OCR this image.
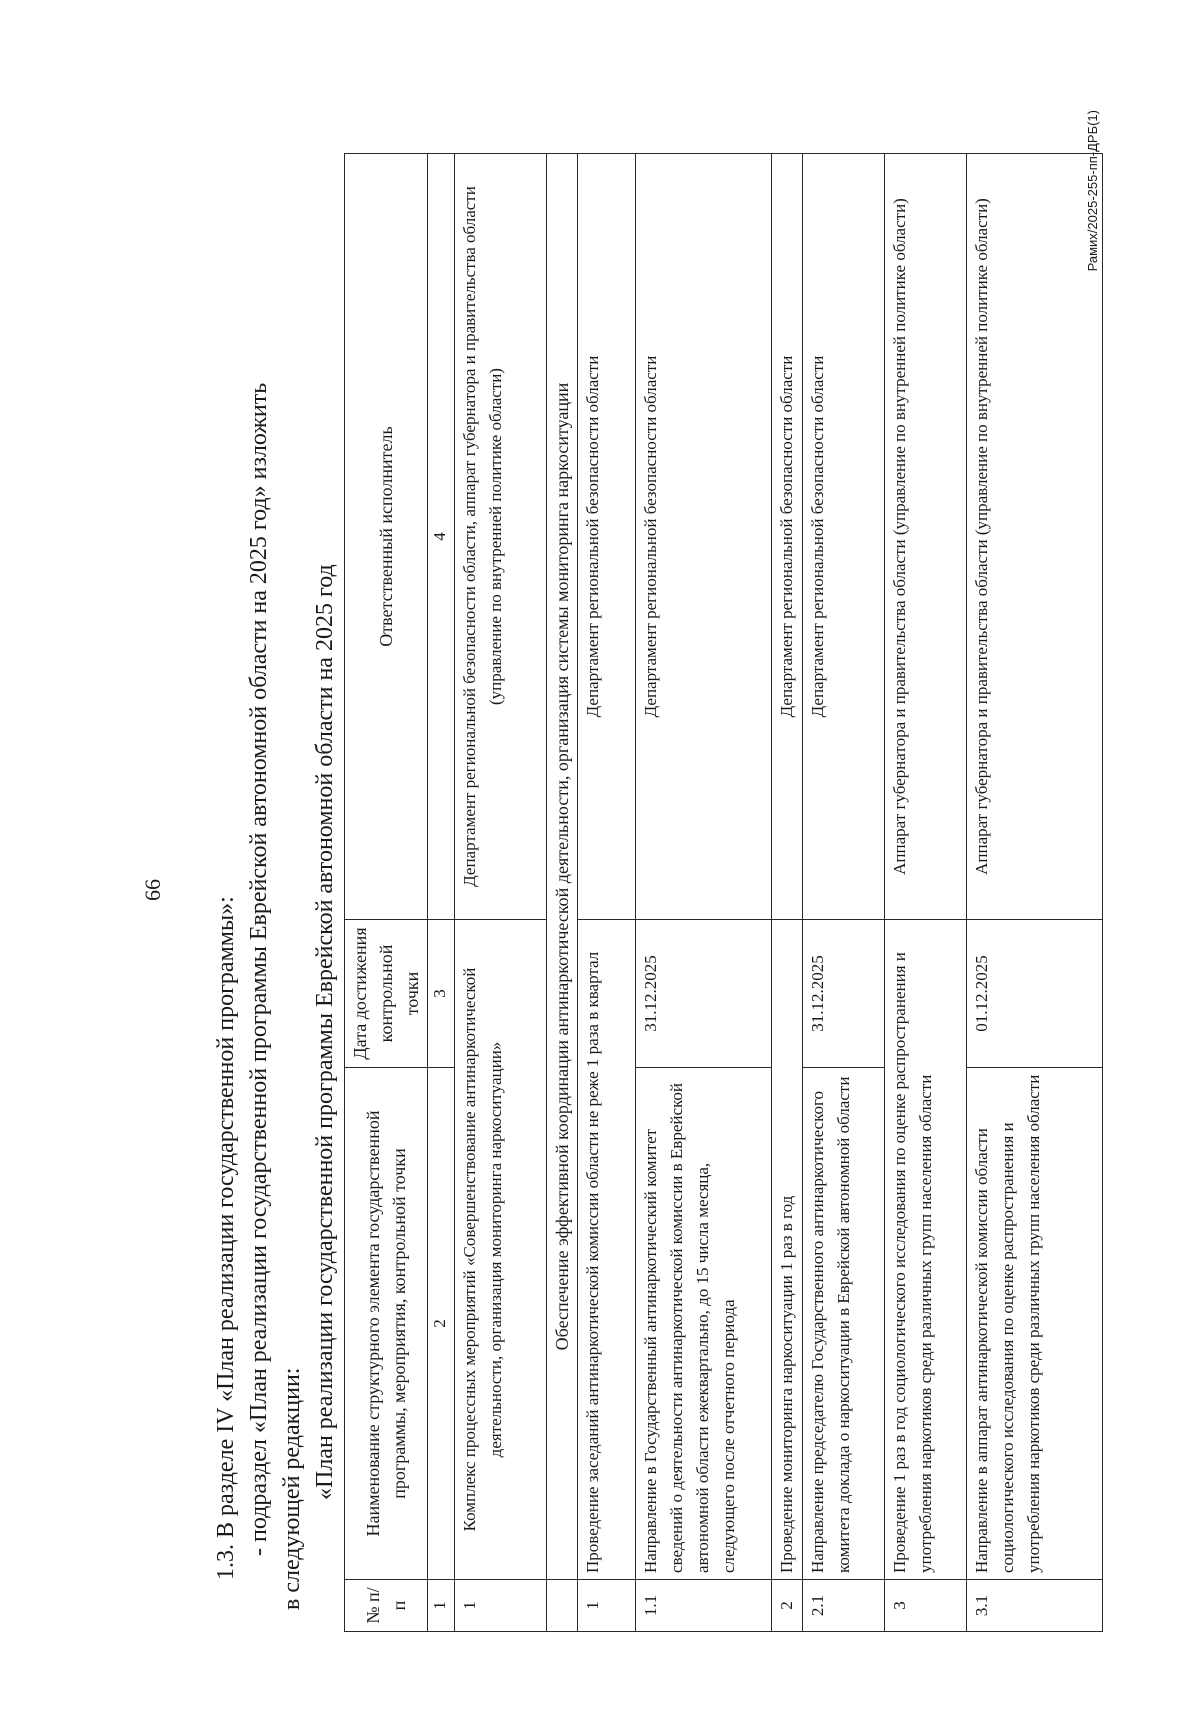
66

1.3. В разделе IV «План реализации государственной программы»: - подраздел «План реализации государственной программы Еврейской автономной области на 2025 год» изложить в следующей редакции: «План реализации государственной программы Еврейской автономной области на 2025 год

№ п/п	Наименование структурного элемента государственной программы, мероприятия, контрольной точки	Дата достижения контрольной точки	Ответственный исполнитель
1	2	3	4
1	Комплекс процессных мероприятий «Совершенствование антинаркотической деятельности, организация мониторинга наркоситуации»		Департамент региональной безопасности области, аппарат губернатора и правительства области (управление по внутренней политике области)
	Обеспечение эффективной координации антинаркотической деятельности, организация системы мониторинга наркоситуации		
1	Проведение заседаний антинаркотической комиссии области не реже 1 раза в квартал		Департамент региональной безопасности области
1.1	Направление в Государственный антинаркотический комитет сведений о деятельности антинаркотической комиссии в Еврейской автономной области ежеквартально, до 15 числа месяца, следующего после отчетного периода	31.12.2025	Департамент региональной безопасности области
2	Проведение мониторинга наркоситуации 1 раз в год		Департамент региональной безопасности области
2.1	Направление председателю Государственного антинаркотического комитета доклада о наркоситуации в Еврейской автономной области	31.12.2025	Департамент региональной безопасности области
3	Проведение 1 раз в год социологического исследования по оценке распространения и употребления наркотиков среди различных групп населения области		Аппарат губернатора и правительства области (управление по внутренней политике области)
3.1	Направление в аппарат антинаркотической комиссии области социологического исследования по оценке распространения и употребления наркотиков среди различных групп населения области	01.12.2025	Аппарат губернатора и правительства области (управление по внутренней политике области)
Рамих/2025-255-пп-ДРБ(1)
